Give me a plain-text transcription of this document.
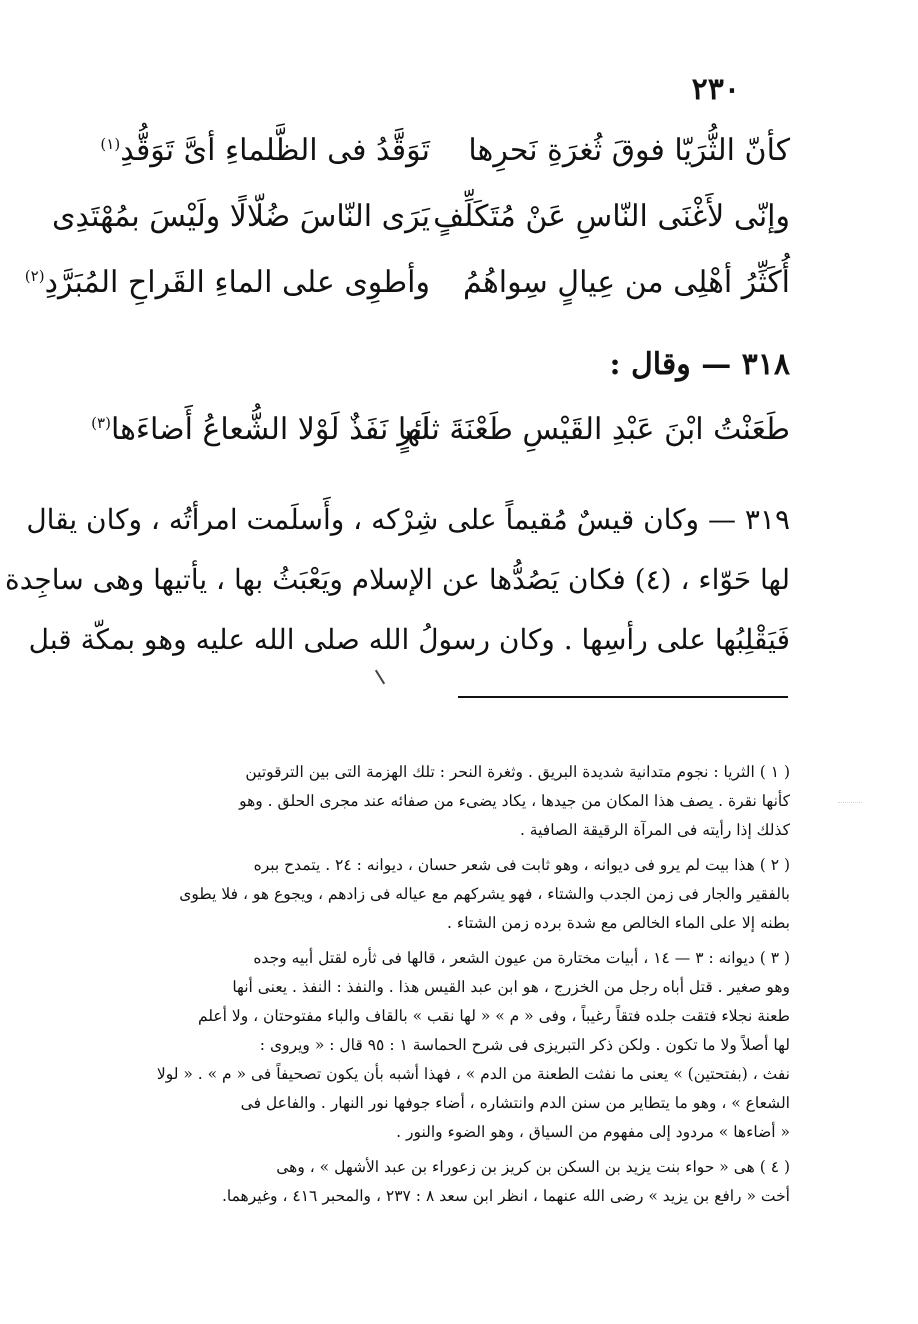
٢٣٠
كأنّ الثُّرَيّا فوقَ ثُغرَةِ نَحرِها
تَوَقَّدُ فى الظَّلماءِ أىَّ تَوَقُّدِ$^{(١)}$
وإنّى لأَغْنَى النّاسِ عَنْ مُتَكَلِّفٍ
يَرَى النّاسَ ضُلّالًا ولَيْسَ بمُهْتَدِى
أُكَثِّرُ أهْلِى من عِيالٍ سِواهُمُ
وأطوِى على الماءِ القَراحِ المُبَرَّدِ$^{(٢)}$
٣١٨ — وقال :
طَعَنْتُ ابْنَ عَبْدِ القَيْسِ طَعْنَةَ ثائرٍ
لَها نَفَذٌ لَوْلا الشُّعاعُ أَضاءَها$^{(٣)}$
٣١٩ — وكان قيسٌ مُقيماً على شِرْكه ، وأَسلَمت امرأتُه ، وكان يقال
لها حَوّاء ، (٤) فكان يَصُدُّها عن الإسلام ويَعْبَثُ بها ، يأتيها وهى ساجِدة
فَيَقْلِبُها على رأسِها . وكان رسولُ الله صلى الله عليه وهو بمكّة قبل
( ١ ) الثريا : نجوم متدانية شديدة البريق . وثغرة النحر : تلك الهزمة التى بين الترقوتين
كأنها نقرة . يصف هذا المكان من جيدها ، يكاد يضىء من صفائه عند مجرى الحلق . وهو
كذلك إذا رأيته فى المرآة الرقيقة الصافية .
( ٢ ) هذا بيت لم يرو فى ديوانه ، وهو ثابت فى شعر حسان ، ديوانه : ٢٤ . يتمدح ببره
بالفقير والجار فى زمن الجدب والشتاء ، فهو يشركهم مع عياله فى زادهم ، ويجوع هو ، فلا يطوى
بطنه إلا على الماء الخالص مع شدة برده زمن الشتاء .
( ٣ ) ديوانه : ٣ — ١٤ ، أبيات مختارة من عيون الشعر ، قالها فى ثأره لقتل أبيه وجده
وهو صغير . قتل أباه رجل من الخزرج ، هو ابن عبد القيس هذا . والنفذ : النفذ . يعنى أنها
طعنة نجلاء فتقت جلده فتقاً رغيباً ، وفى « م » « لها نقب » بالقاف والباء مفتوحتان ، ولا أعلم
لها أصلاً ولا ما تكون . ولكن ذكر التبريزى فى شرح الحماسة ١ : ٩٥ قال : « ويروى :
نفث ، (بفتحتين) » يعنى ما نفثت الطعنة من الدم » ، فهذا أشبه بأن يكون تصحيفاً فى « م » . « لولا
الشعاع » ، وهو ما يتطاير من سنن الدم وانتشاره ، أضاء جوفها نور النهار . والفاعل فى
« أضاءها » مردود إلى مفهوم من السياق ، وهو الضوء والنور .
( ٤ ) هى « حواء بنت يزيد بن السكن بن كريز بن زعوراء بن عبد الأشهل » ، وهى
أخت « رافع بن يزيد » رضى الله عنهما ، انظر ابن سعد ٨ : ٢٣٧ ، والمحبر ٤١٦ ، وغيرهما.
